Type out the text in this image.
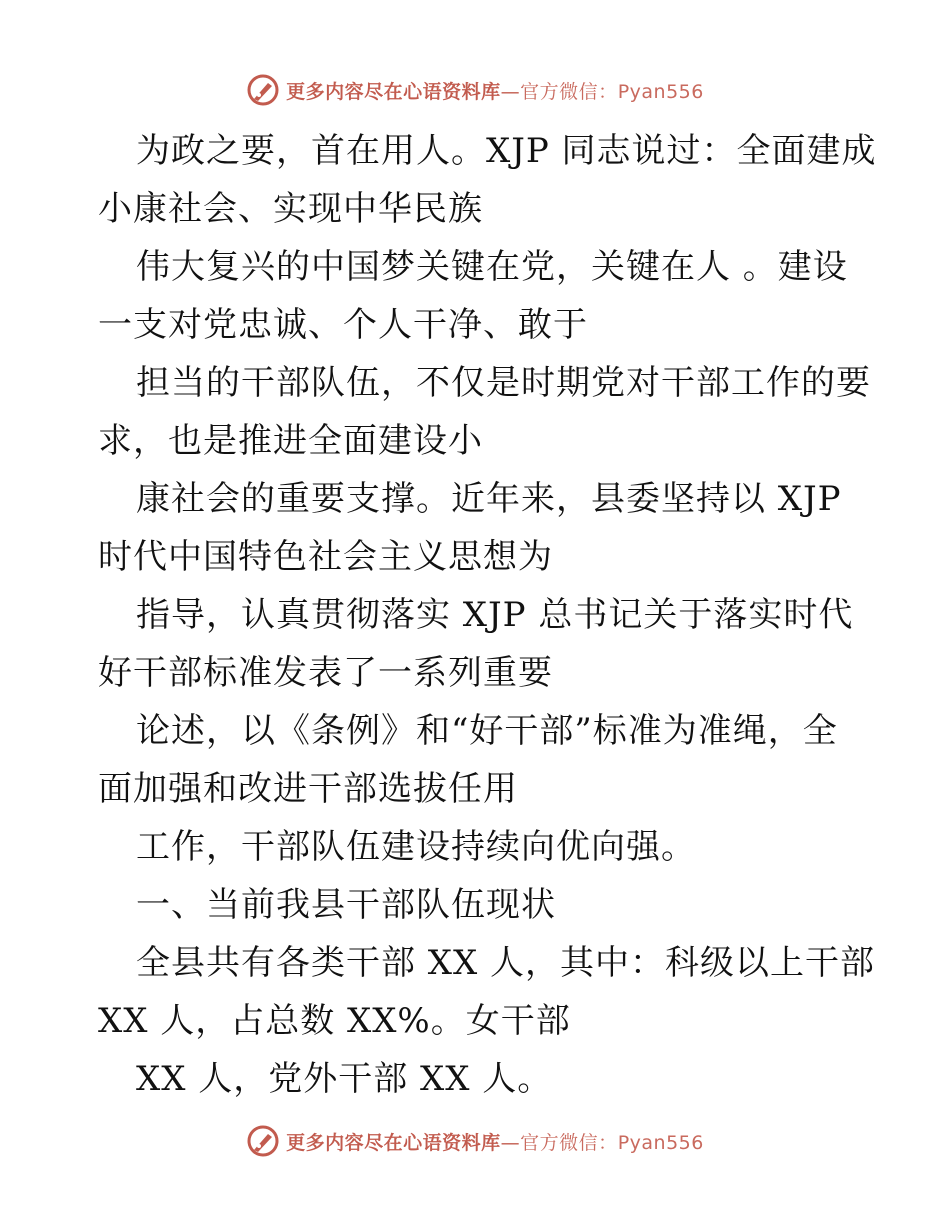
更多内容尽在心语资料库—官方微信：Pyan556
为政之要，首在用人。XJP 同志说过：全面建成
小康社会、实现中华民族
伟大复兴的中国梦关键在党，关键在人 。建设
一支对党忠诚、个人干净、敢于
担当的干部队伍，不仅是时期党对干部工作的要
求，也是推进全面建设小
康社会的重要支撑。近年来，县委坚持以 XJP
时代中国特色社会主义思想为
指导，认真贯彻落实 XJP 总书记关于落实时代
好干部标准发表了一系列重要
论述，以《条例》和“好干部”标准为准绳，全
面加强和改进干部选拔任用
工作，干部队伍建设持续向优向强。
一、当前我县干部队伍现状
全县共有各类干部 XX 人，其中：科级以上干部
XX 人，占总数 XX%。女干部
XX 人，党外干部 XX 人。
更多内容尽在心语资料库—官方微信：Pyan556
